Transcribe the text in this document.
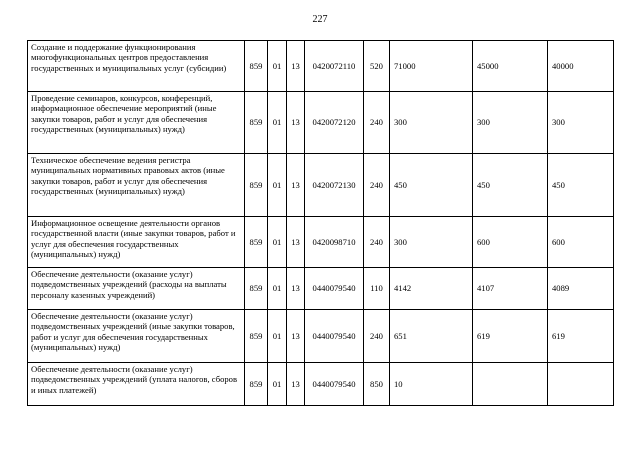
227
Создание и поддержание функционирования многофункциональных центров предоставления государственных и муниципальных услуг (субсидии)	859	01	13	0420072110	520	71000	45000	40000
Проведение семинаров, конкурсов, конференций, информационное обеспечение мероприятий (иные закупки товаров, работ и услуг для обеспечения государственных (муниципальных) нужд)	859	01	13	0420072120	240	300	300	300
Техническое обеспечение ведения регистра муниципальных нормативных правовых актов (иные закупки товаров, работ и услуг для обеспечения государственных (муниципальных) нужд)	859	01	13	0420072130	240	450	450	450
Информационное освещение деятельности органов государственной власти (иные закупки товаров, работ и услуг для обеспечения государственных (муниципальных) нужд)	859	01	13	0420098710	240	300	600	600
Обеспечение деятельности (оказание услуг) подведомственных учреждений (расходы на выплаты персоналу казенных учреждений)	859	01	13	0440079540	110	4142	4107	4089
Обеспечение деятельности (оказание услуг) подведомственных учреждений (иные закупки товаров, работ и услуг для обеспечения государственных (муниципальных) нужд)	859	01	13	0440079540	240	651	619	619
Обеспечение деятельности (оказание услуг) подведомственных учреждений (уплата налогов, сборов и иных платежей)	859	01	13	0440079540	850	10		
